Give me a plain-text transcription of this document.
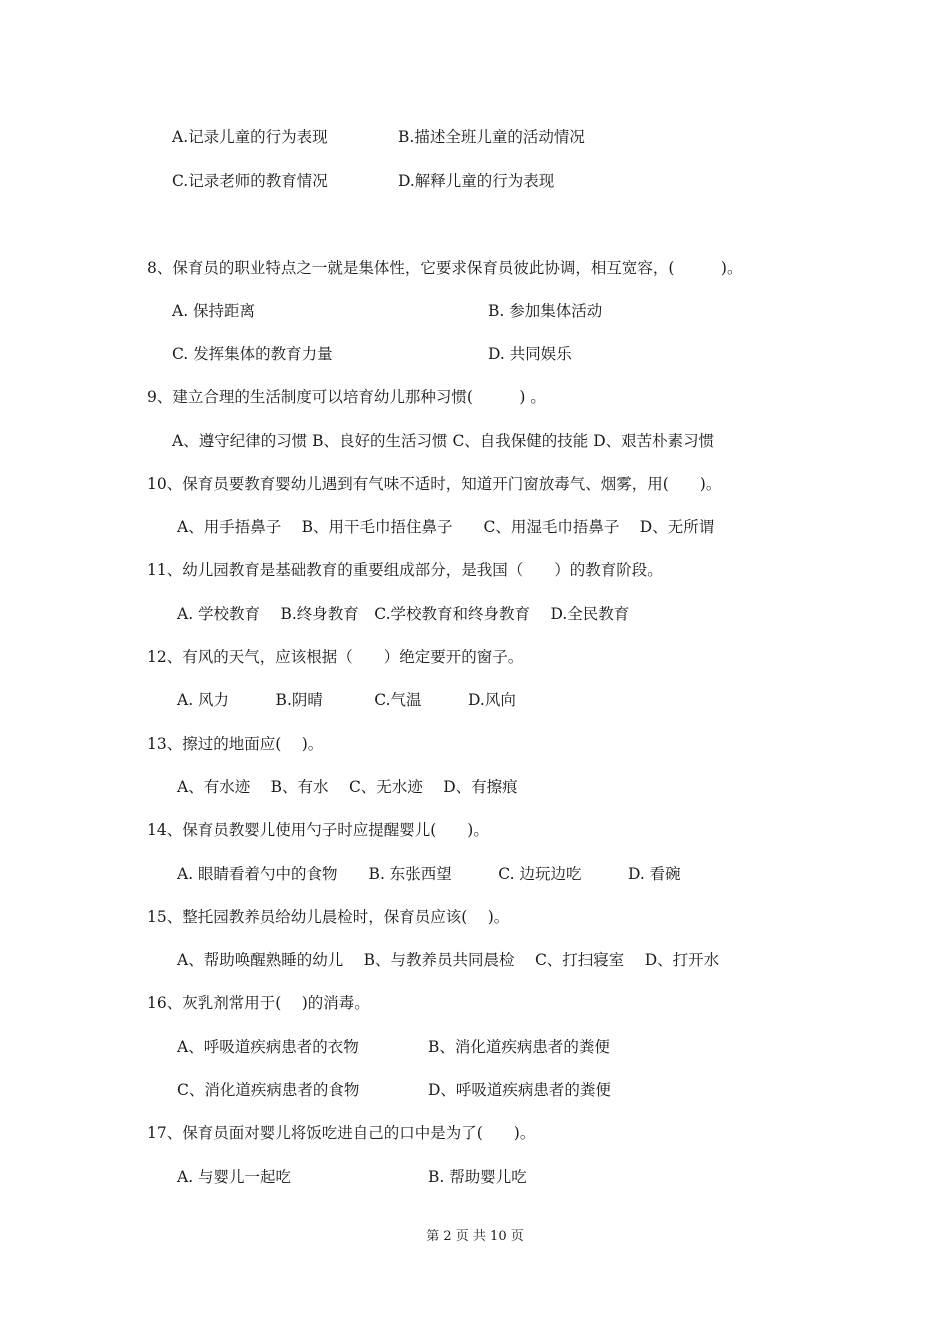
A.记录儿童的行为表现	B.描述全班儿童的活动情况
C.记录老师的教育情况	D.解释儿童的行为表现
8、保育员的职业特点之一就是集体性，它要求保育员彼此协调，相互宽容，(　　　)。
A. 保持距离	B. 参加集体活动
C. 发挥集体的教育力量	D. 共同娱乐
9、建立合理的生活制度可以培育幼儿那种习惯(　　　) 。
A、遵守纪律的习惯 B、良好的生活习惯 C、自我保健的技能 D、艰苦朴素习惯
10、保育员要教育婴幼儿遇到有气味不适时，知道开门窗放毒气、烟雾，用(　　)。
A、用手捂鼻子　 B、用干毛巾捂住鼻子　　C、用湿毛巾捂鼻子　 D、无所谓
11、幼儿园教育是基础教育的重要组成部分，是我国（　　）的教育阶段。
A. 学校教育　 B.终身教育　C.学校教育和终身教育　 D.全民教育
12、有风的天气，应该根据（　　）绝定要开的窗子。
A. 风力　　　B.阴晴　　　 C.气温　　　D.风向
13、擦过的地面应(　 )。
A、有水迹　 B、有水　 C、无水迹　 D、有擦痕
14、保育员教婴儿使用勺子时应提醒婴儿(　　)。
A. 眼睛看着勺中的食物　　B. 东张西望　　　C. 边玩边吃　　　D. 看碗
15、整托园教养员给幼儿晨检时，保育员应该(　 )。
A、帮助唤醒熟睡的幼儿　 B、与教养员共同晨检　 C、打扫寝室　 D、打开水
16、灰乳剂常用于(　 )的消毒。
A、呼吸道疾病患者的衣物	B、消化道疾病患者的粪便
C、消化道疾病患者的食物	D、呼吸道疾病患者的粪便
17、保育员面对婴儿将饭吃进自己的口中是为了(　　)。
A. 与婴儿一起吃	B. 帮助婴儿吃
第 2 页 共 10 页
